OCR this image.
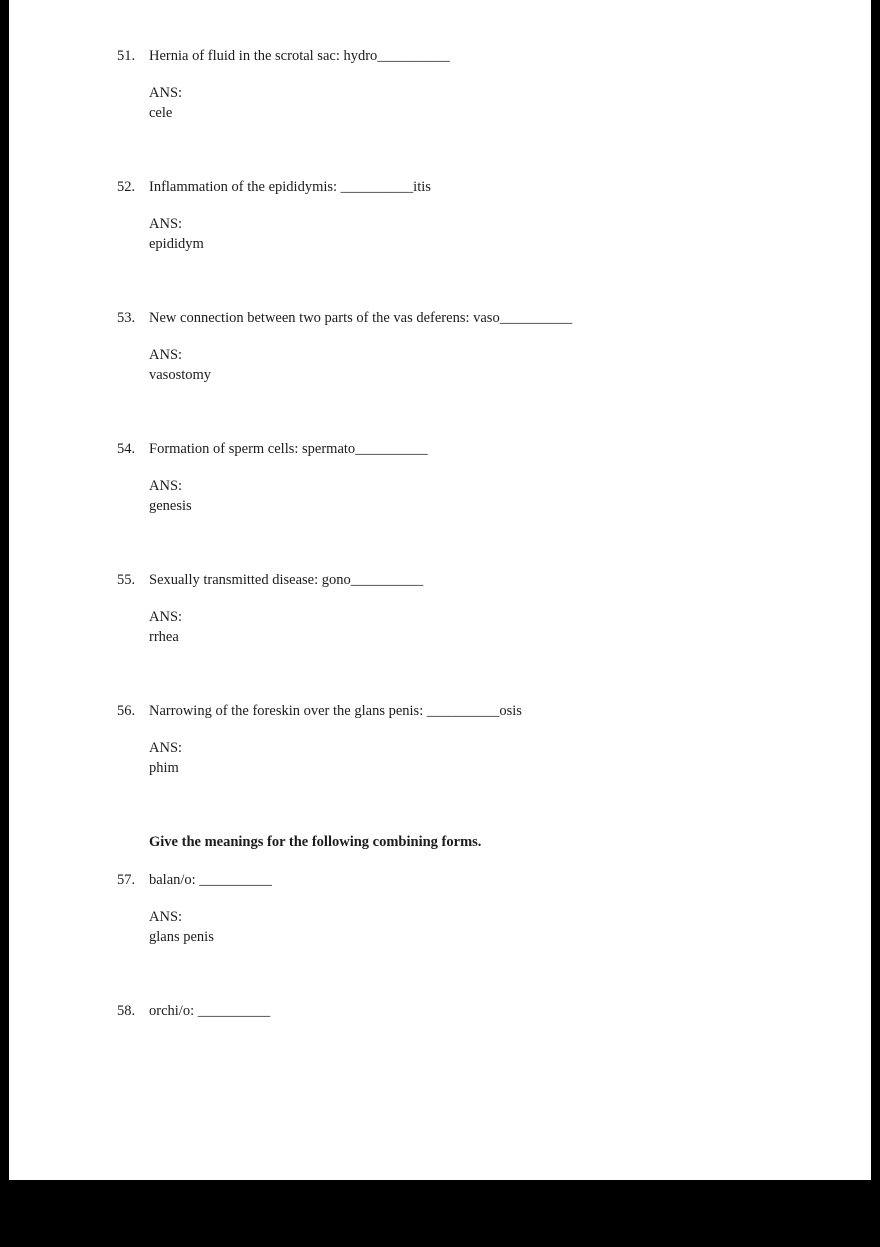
51. Hernia of fluid in the scrotal sac: hydro__________
ANS:
cele
52. Inflammation of the epididymis: __________itis
ANS:
epididym
53. New connection between two parts of the vas deferens: vaso__________
ANS:
vasostomy
54. Formation of sperm cells: spermato__________
ANS:
genesis
55. Sexually transmitted disease: gono__________
ANS:
rrhea
56. Narrowing of the foreskin over the glans penis: __________osis
ANS:
phim
Give the meanings for the following combining forms.
57. balan/o: __________
ANS:
glans penis
58. orchi/o: __________
